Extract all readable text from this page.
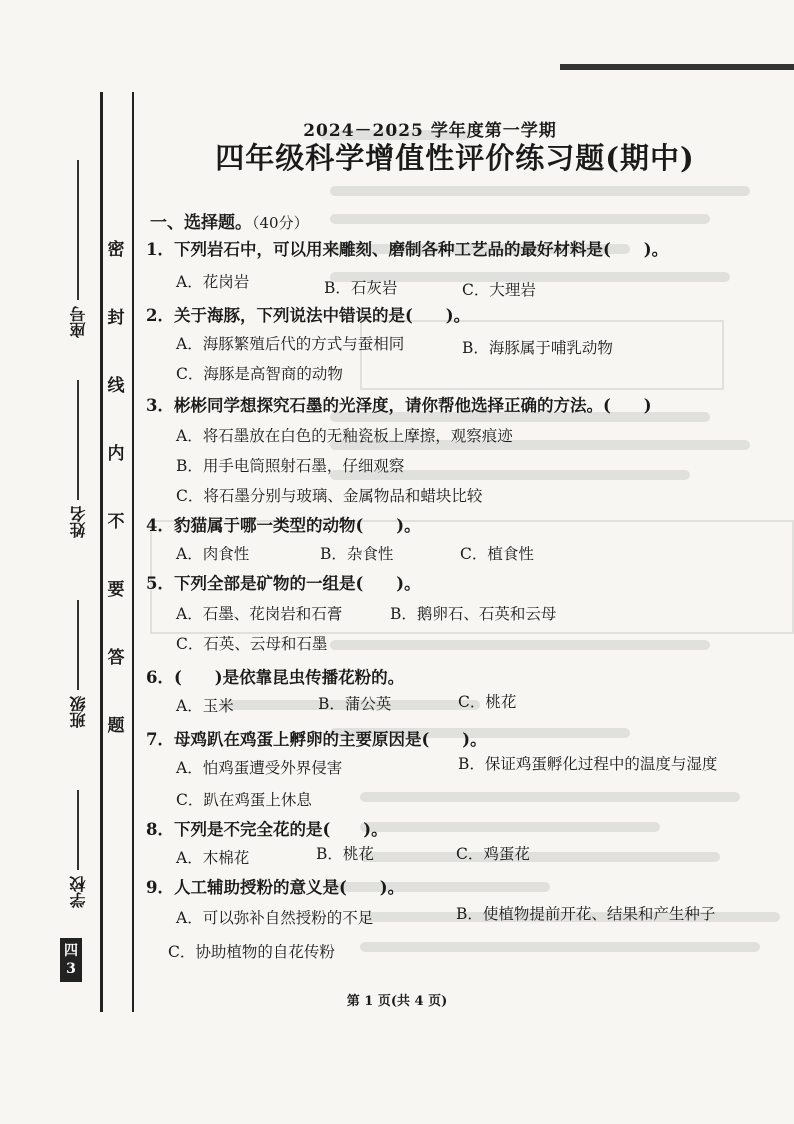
密
封
线
内
不
要
答
题
座号
姓名
班级
学校
四
3
2024－2025 学年度第一学期
四年级科学增值性评价练习题(期中)
一、选择题。（40分）
1．下列岩石中，可以用来雕刻、磨制各种工艺品的最好材料是(　　)。
A．花岗岩	B．石灰岩	C．大理岩
2．关于海豚，下列说法中错误的是(　　)。
A．海豚繁殖后代的方式与蚕相同	B．海豚属于哺乳动物
C．海豚是高智商的动物
3．彬彬同学想探究石墨的光泽度，请你帮他选择正确的方法。(　　)
A．将石墨放在白色的无釉瓷板上摩擦，观察痕迹
B．用手电筒照射石墨，仔细观察
C．将石墨分别与玻璃、金属物品和蜡块比较
4．豹猫属于哪一类型的动物(　　)。
A．肉食性	B．杂食性	C．植食性
5．下列全部是矿物的一组是(　　)。
A．石墨、花岗岩和石膏	B．鹅卵石、石英和云母
C．石英、云母和石墨
6．(　　)是依靠昆虫传播花粉的。
A．玉米	B．蒲公英	C．桃花
7．母鸡趴在鸡蛋上孵卵的主要原因是(　　)。
A．怕鸡蛋遭受外界侵害	B．保证鸡蛋孵化过程中的温度与湿度
C．趴在鸡蛋上休息
8．下列是不完全花的是(　　)。
A．木棉花	B．桃花	C．鸡蛋花
9．人工辅助授粉的意义是(　　)。
A．可以弥补自然授粉的不足	B．使植物提前开花、结果和产生种子
C．协助植物的自花传粉
第 1 页(共 4 页)
